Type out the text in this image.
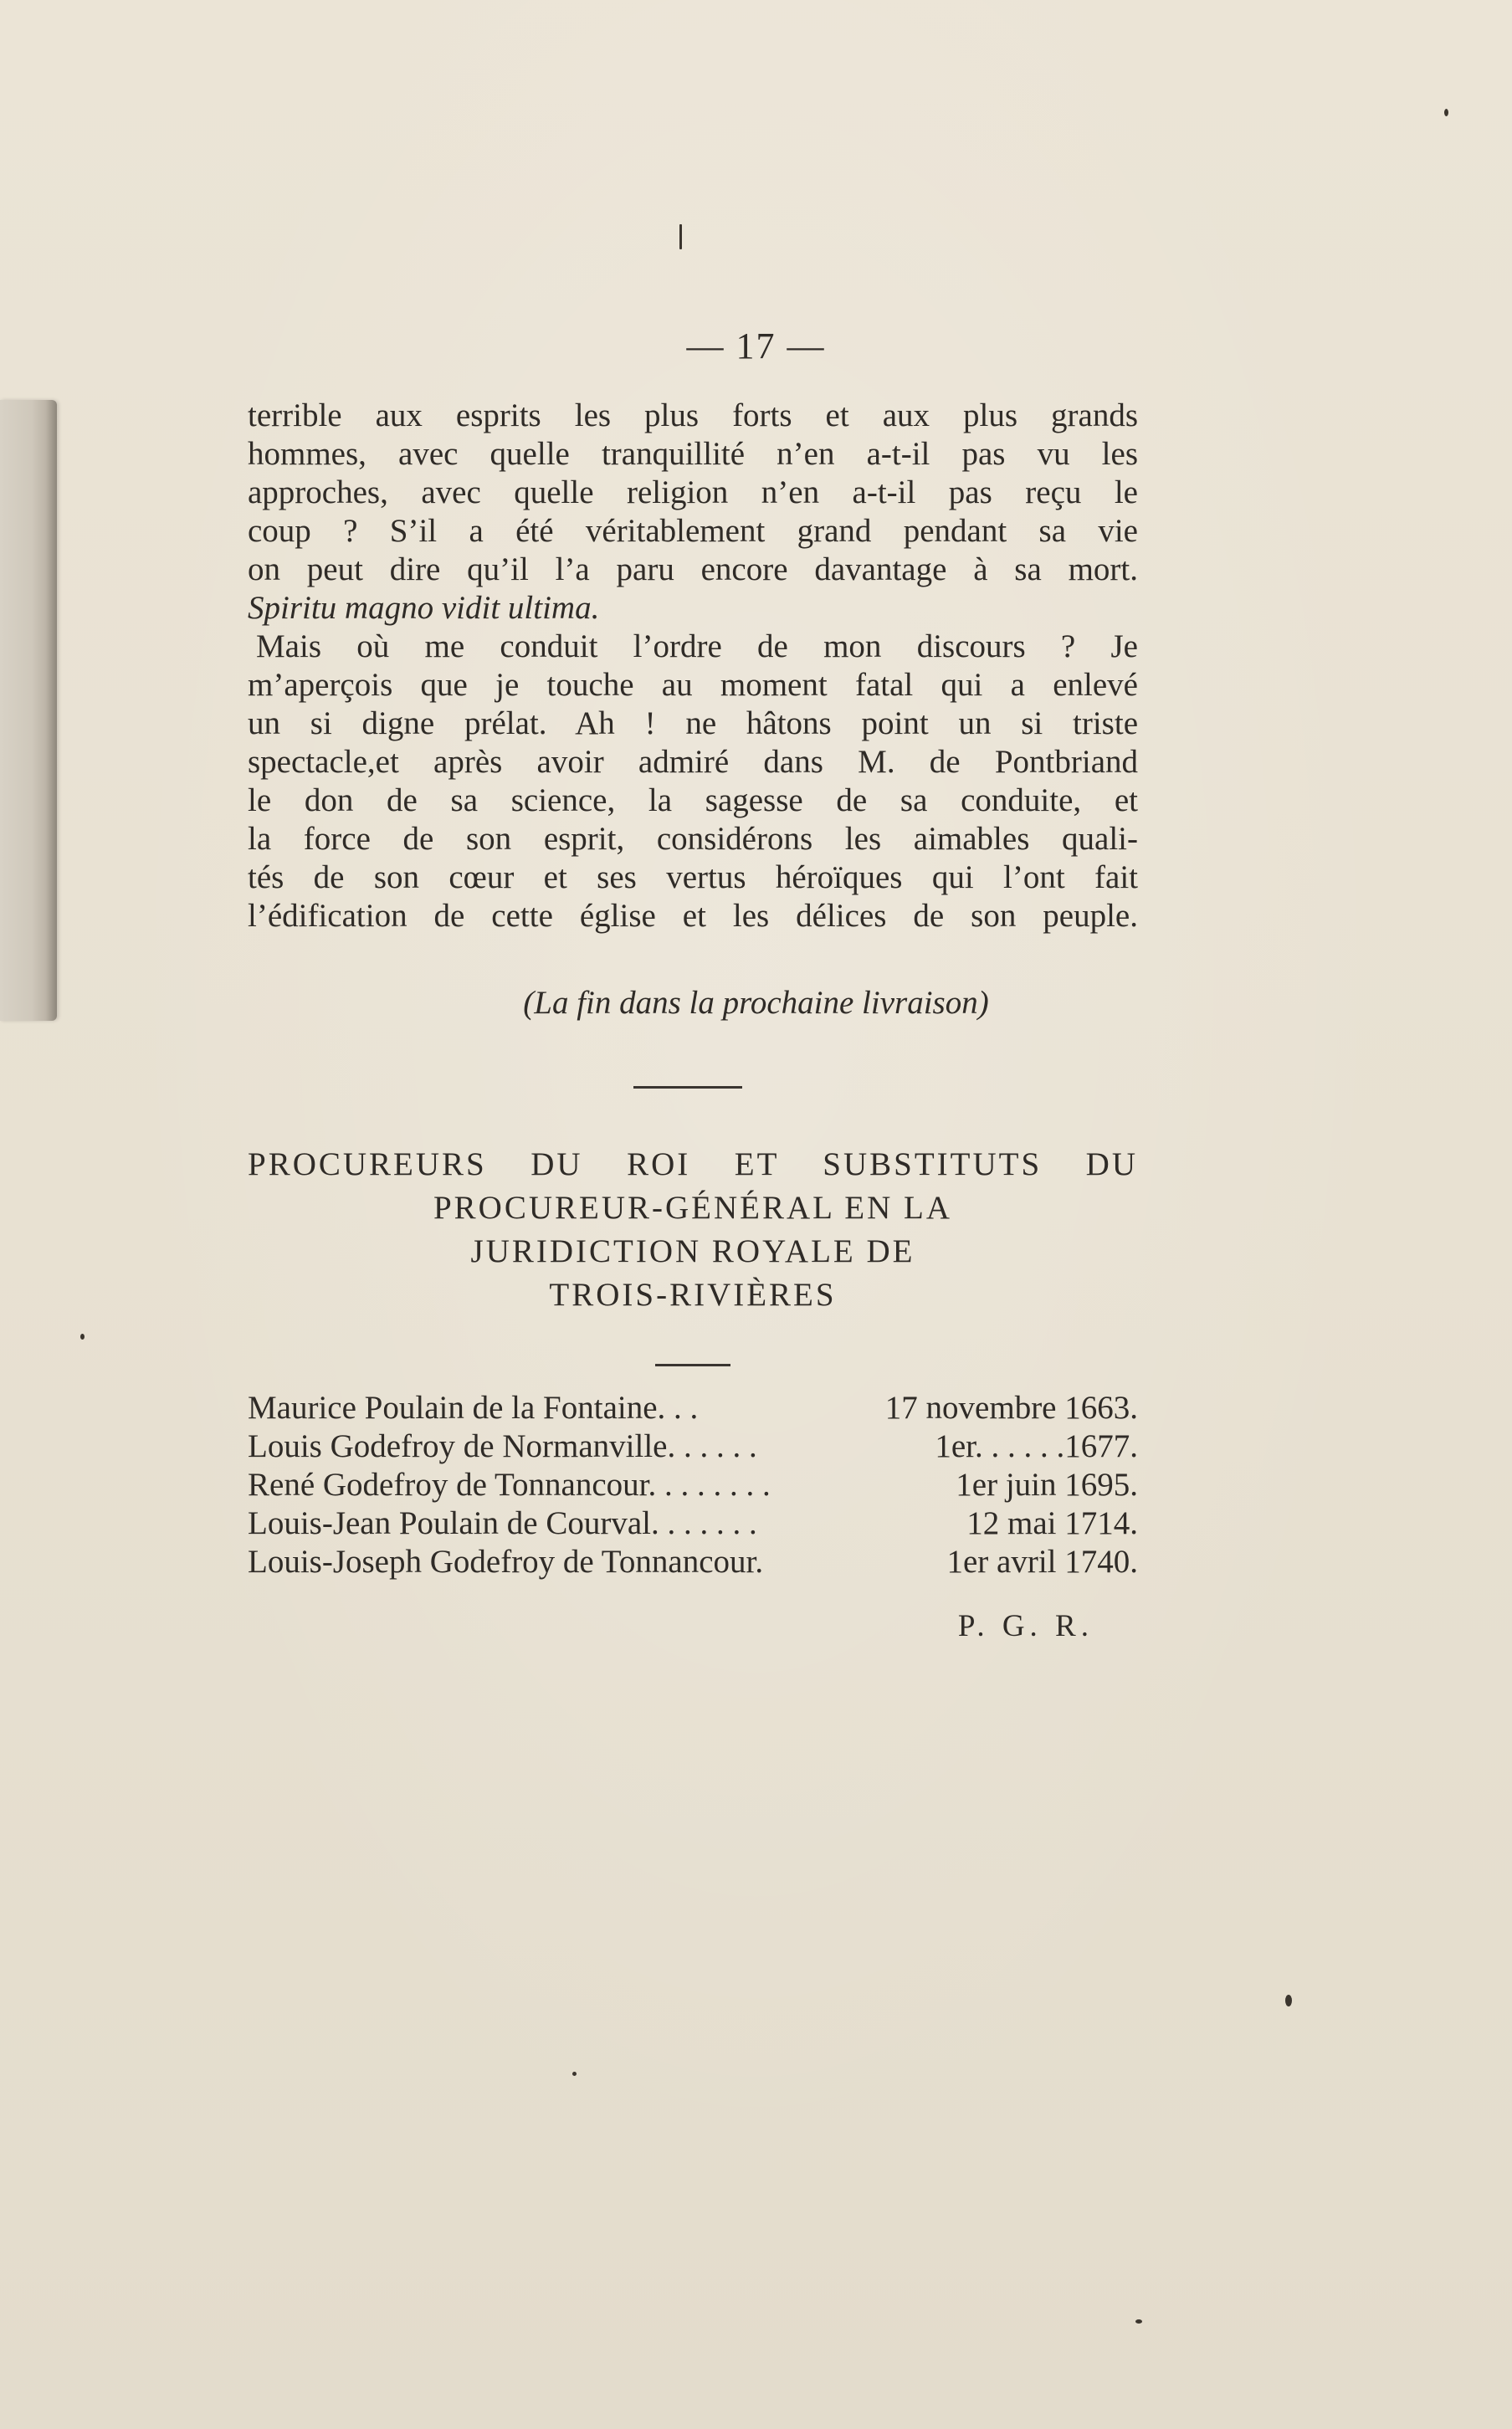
— 17 —

terrible aux esprits les plus forts et aux plus grands

hommes, avec quelle tranquillité n’en a-t-il pas vu les

approches, avec quelle religion n’en a-t-il pas reçu le

coup ? S’il a été véritablement grand pendant sa vie

on peut dire qu’il l’a paru encore davantage à sa mort.

Spiritu magno vidit ultima.

Mais où me conduit l’ordre de mon discours ? Je

m’aperçois que je touche au moment fatal qui a enlevé

un si digne prélat. Ah ! ne hâtons point un si triste

spectacle,et après avoir admiré dans M. de Pontbriand

le don de sa science, la sagesse de sa conduite, et

la force de son esprit, considérons les aimables quali-

tés de son cœur et ses vertus héroïques qui l’ont fait

l’édification de cette église et les délices de son peuple.

(La fin dans la prochaine livraison)
PROCUREURS DU ROI ET SUBSTITUTS DU
PROCUREUR-GÉNÉRAL EN LA
JURIDICTION ROYALE DE
TROIS-RIVIÈRES
Maurice Poulain de la Fontaine. . .	17 novembre 1663.
Louis Godefroy de Normanville. . . . . .	1er. . . . . .1677.
René Godefroy de Tonnancour. . . . . . . .	1er juin 1695.
Louis-Jean Poulain de Courval. . . . . . .	12 mai 1714.
Louis-Joseph Godefroy de Tonnancour.	1er avril 1740.
P. G. R.
